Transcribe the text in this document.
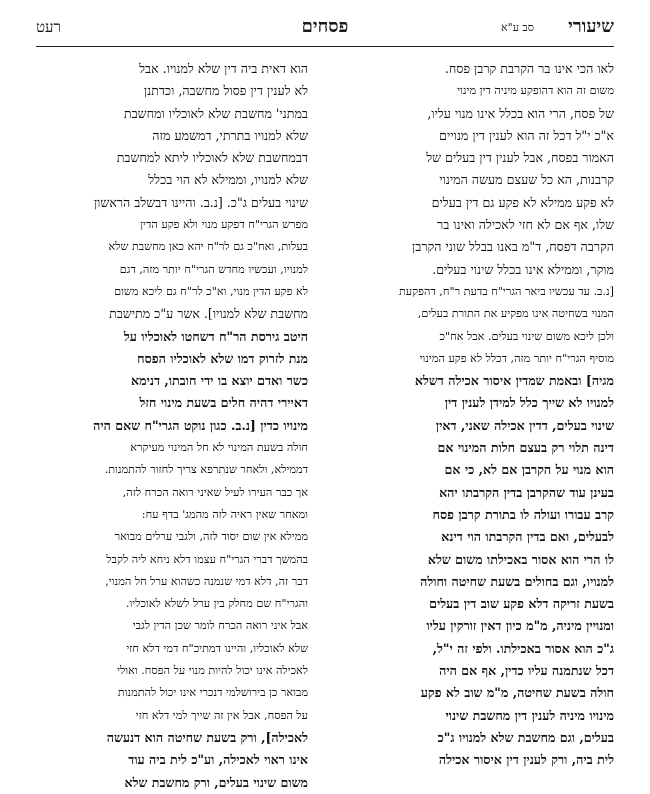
שיעורי
סב ע"א
פסחים
רעט
לאו הכי אינו בר הקרבת קרבן פסח.
משום זה הוא דהופקע מיניה דין מינוי
של פסח, הרי הוא בכלל אינו מנוי עליו,
א"כ י"ל דכל זה הוא לענין דין מנויים
האמור בפסח, אבל לענין דין בעלים של
קרבנות, הא כל שעצם מעשה המינוי
לא פקע ממילא לא פקע גם דין בעלים
שלו, אף אם לא חזי לאכילה ואינו בר
הקרבה דפסח, ד"מ באנו בבלל שוני הקרבן
מוקר, וממילא אינו בכלל שינוי בעלים.
[נ.ב. עד עכשיו ביאר הגרי"ח בדעת ר"ח, דהפקעת
המנוי בשחיטה אינו מפקיע את התורת בעלים,
ולכן ליכא משום שינוי בעלים. אבל אח"כ
מוסיף הגרי"ח יותר מזה, דכלל לא פקע המינוי
מגיה] ובאמת שמדין איסור אכילה דשלא
למנויו לא שייך כלל למידן לענין דין
שינוי בעלים, דדין אכילה שאני, דאין
דינה תלוי רק בעצם חלות המינוי אם
הוא מנוי על הקרבן אם לא, כי אם
בעינן עוד שהקרבן בדין הקרבתו יהא
קרב עבורו ועולה לו בתורת קרבן פסח
לבעלים, ואם בדין הקרבתו הוי דינא
לו הרי הוא אסור באכילתו משום שלא
למנויו, וגם בחולים בשעת שחיטה וחולה
בשעת זריקה דלא פקע שוב דין בעלים
ומנויין מיניה, מ"מ כיון דאין זורקין עליו
ג"כ הוא אסור באכילתו. ולפי זה י"ל,
דכל שנתמנה עליו כדין, אף אם היה
חולה בשעת שחיטה, מ"מ שוב לא פקע
מינויו מיניה לענין דין מחשבת שינוי
בעלים, וגם מחשבת שלא למנויו ג"כ
לית ביה, ורק לענין דין איסור אכילה
הוא דאית ביה דין שלא למנויו. אבל
לא לענין דין פסול מחשבה, וכדתנן
במתני' מחשבת שלא לאוכליו ומחשבת
שלא למנויו בתרתי, דמשמע מזה
דבמחשבת שלא לאוכליו ליתא למחשבת
שלא למנויו, וממילא לא הוי בכלל
שינוי בעלים ג"כ. [נ.ב. והיינו דבשלב הראשון
מפרש הגרי"ח דפקע מנוי ולא פקע הדין
בעלות, ואח"כ גם לר"ח יהא כאן מחשבת שלא
למנויו, ועכשיו מחדש הגרי"ח יותר מזה, דגם
לא פקע הדין מנוי, וא"כ לר"ח גם ליכא משום
מחשבת שלא למנויו]. אשר ע"כ מתישבת
היטב גירסת הר"ח דשחטו לאוכליו על
מנת לזרוק דמו שלא לאוכליו הפסח
כשר ואדם יוצא בו ידי חובתו, דנימא
דאיירי דהיה חלים בשעת מינוי חזל
מינויו כדין [נ.ב. כגון נוקט הגרי"ח שאם היה
חולה בשעת המינוי לא חל המינוי מעיקרא
דממילא, ולאחר שנתרפא צריך לחזור להתמנות.
אך כבר העירו לעיל שאיני רואה הכרח לזה,
ומאחר שאין ראיה לזה מהמג' בדף עח:
ממילא אין שום יסוד לזה, ולגבי ערלים מבואר
בהמשך דברי הגרי"ח עצמו דלא ניחא ליה לקבל
דבר זה, דלא דמי שנמנה כשהוא ערל חל המנוי,
והגרי"ח שם מחלק בין ערל לשלא לאוכליו.
אבל איני רואה הכרח לומר שכן הדין לגבי
שלא לאוכליו, והיינו דמתיכ"ח דמי דלא חזי
לאכילה אינו יכול להיות מנוי על הפסח. ואולי
מבואר כן בירושלמי דנכרי אינו יכול להתמנות
על הפסח, אבל אין זה שייך למי דלא חזי
לאכילה], ורק בשעת שחיטה הוא דנעשה
אינו ראוי לאכילה, וע"כ לית ביה עוד
משום שינוי בעלים, ורק מחשבת שלא
